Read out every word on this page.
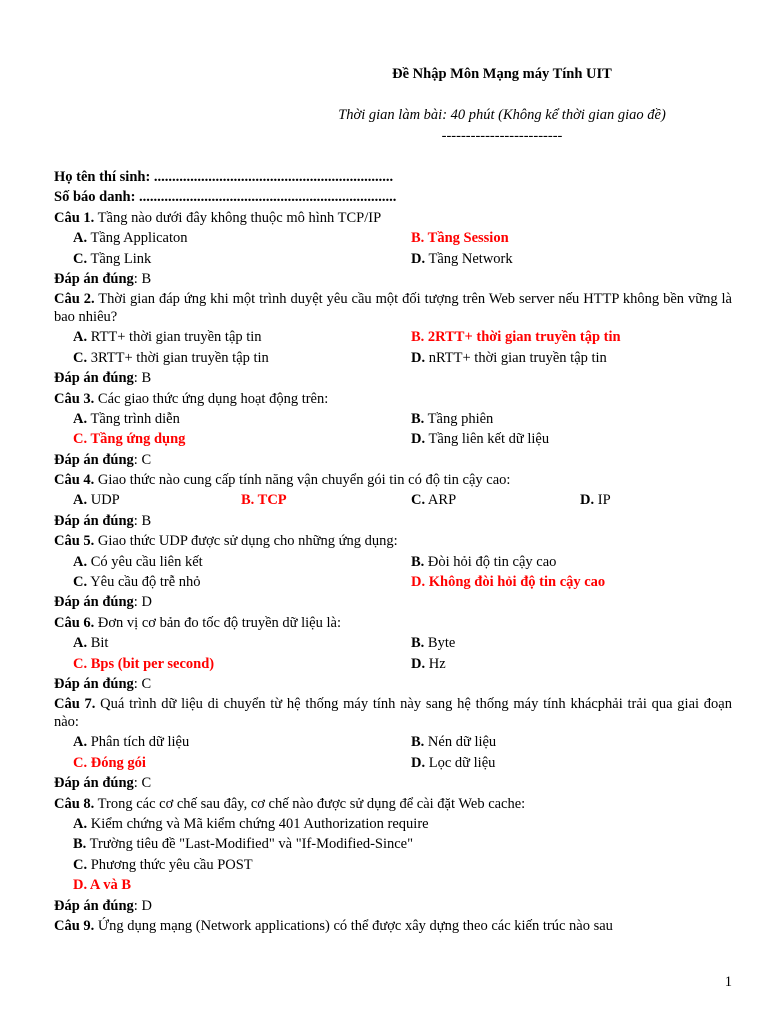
Đề Nhập Môn Mạng máy Tính UIT
Thời gian làm bài: 40 phút (Không kể thời gian giao đề)
-------------------------
Họ tên thí sinh: ..................................................................
Số báo danh: .......................................................................
Câu 1. Tầng nào dưới đây không thuộc mô hình TCP/IP
A. Tầng Applicaton	B. Tầng Session
C. Tầng Link	D. Tầng Network
Đáp án đúng: B
Câu 2. Thời gian đáp ứng khi một trình duyệt yêu cầu một đối tượng trên Web server nếu HTTP không bền vững là bao nhiêu?
A. RTT+ thời gian truyền tập tin	B. 2RTT+ thời gian truyền tập tin
C. 3RTT+ thời gian truyền tập tin	D. nRTT+ thời gian truyền tập tin
Đáp án đúng: B
Câu 3. Các giao thức ứng dụng hoạt động trên:
A. Tầng trình diễn	B. Tầng phiên
C. Tầng ứng dụng	D. Tầng liên kết dữ liệu
Đáp án đúng: C
Câu 4. Giao thức nào cung cấp tính năng vận chuyển gói tin có độ tin cậy cao:
A. UDP	B. TCP	C. ARP	D. IP
Đáp án đúng: B
Câu 5. Giao thức UDP được sử dụng cho những ứng dụng:
A. Có yêu cầu liên kết	B. Đòi hỏi độ tin cậy cao
C. Yêu cầu độ trễ nhỏ	D. Không đòi hỏi độ tin cậy cao
Đáp án đúng: D
Câu 6. Đơn vị cơ bản đo tốc độ truyền dữ liệu là:
A. Bit	B. Byte
C. Bps (bit per second)	D. Hz
Đáp án đúng: C
Câu 7. Quá trình dữ liệu di chuyển từ hệ thống máy tính này sang hệ thống máy tính khácphải trải qua giai đoạn nào:
A. Phân tích dữ liệu	B. Nén dữ liệu
C. Đóng gói	D. Lọc dữ liệu
Đáp án đúng: C
Câu 8. Trong các cơ chế sau đây, cơ chế nào được sử dụng để cài đặt Web cache:
A. Kiểm chứng và Mã kiểm chứng 401 Authorization require
B. Trường tiêu đề "Last-Modified" và "If-Modified-Since"
C. Phương thức yêu cầu POST
D. A và B
Đáp án đúng: D
Câu 9. Ứng dụng mạng (Network applications) có thể được xây dựng theo các kiến trúc nào sau
1
